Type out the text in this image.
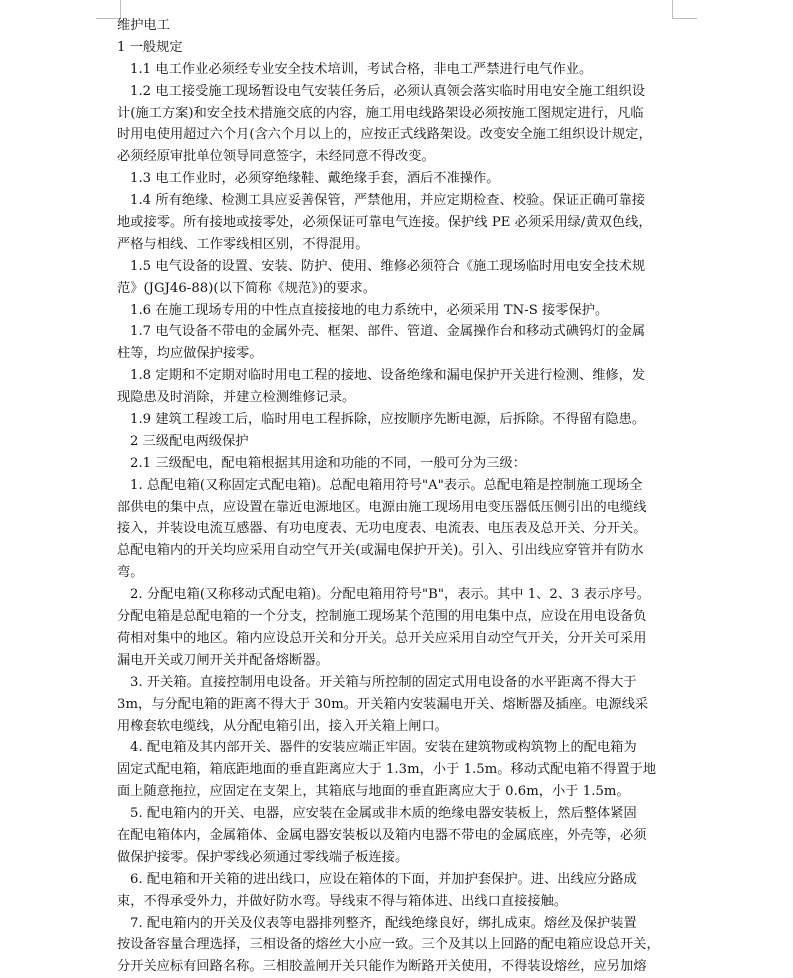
维护电工
1 一般规定
1.1 电工作业必须经专业安全技术培训，考试合格，非电工严禁进行电气作业。
1.2 电工接受施工现场暂设电气安装任务后，必须认真领会落实临时用电安全施工组织设
计(施工方案)和安全技术措施交底的内容，施工用电线路架设必须按施工图规定进行，凡临
时用电使用超过六个月(含六个月以上的，应按正式线路架设。改变安全施工组织设计规定，
必须经原审批单位领导同意签字，未经同意不得改变。
1.3 电工作业时，必须穿绝缘鞋、戴绝缘手套，酒后不准操作。
1.4 所有绝缘、检测工具应妥善保管，严禁他用，并应定期检查、校验。保证正确可靠接
地或接零。所有接地或接零处，必须保证可靠电气连接。保护线 PE 必须采用绿/黄双色线，
严格与相线、工作零线相区别，不得混用。
1.5 电气设备的设置、安装、防护、使用、维修必须符合《施工现场临时用电安全技术规
范》(JGJ46-88)(以下简称《规范》)的要求。
1.6 在施工现场专用的中性点直接接地的电力系统中，必须采用 TN-S 接零保护。
1.7 电气设备不带电的金属外壳、框架、部件、管道、金属操作台和移动式碘钨灯的金属
柱等，均应做保护接零。
1.8 定期和不定期对临时用电工程的接地、设备绝缘和漏电保护开关进行检测、维修，发
现隐患及时消除，并建立检测维修记录。
1.9 建筑工程竣工后，临时用电工程拆除，应按顺序先断电源，后拆除。不得留有隐患。
2 三级配电两级保护
2.1 三级配电，配电箱根据其用途和功能的不同，一般可分为三级：
1. 总配电箱(又称固定式配电箱)。总配电箱用符号"A"表示。总配电箱是控制施工现场全
部供电的集中点，应设置在靠近电源地区。电源由施工现场用电变压器低压侧引出的电缆线
接入，并装设电流互感器、有功电度表、无功电度表、电流表、电压表及总开关、分开关。
总配电箱内的开关均应采用自动空气开关(或漏电保护开关)。引入、引出线应穿管并有防水
弯。
2. 分配电箱(又称移动式配电箱)。分配电箱用符号"B"，表示。其中 1、2、3 表示序号。
分配电箱是总配电箱的一个分支，控制施工现场某个范围的用电集中点，应设在用电设备负
荷相对集中的地区。箱内应设总开关和分开关。总开关应采用自动空气开关，分开关可采用
漏电开关或刀闸开关并配备熔断器。
3. 开关箱。直接控制用电设备。开关箱与所控制的固定式用电设备的水平距离不得大于
3m，与分配电箱的距离不得大于 30m。开关箱内安装漏电开关、熔断器及插座。电源线采
用橡套软电缆线，从分配电箱引出，接入开关箱上闸口。
4. 配电箱及其内部开关、器件的安装应端正牢固。安装在建筑物或构筑物上的配电箱为
固定式配电箱，箱底距地面的垂直距离应大于 1.3m，小于 1.5m。移动式配电箱不得置于地
面上随意拖拉，应固定在支架上，其箱底与地面的垂直距离应大于 0.6m，小于 1.5m。
5. 配电箱内的开关、电器，应安装在金属或非木质的绝缘电器安装板上，然后整体紧固
在配电箱体内，金属箱体、金属电器安装板以及箱内电器不带电的金属底座，外壳等，必须
做保护接零。保护零线必须通过零线端子板连接。
6. 配电箱和开关箱的进出线口，应设在箱体的下面，并加护套保护。进、出线应分路成
束，不得承受外力，并做好防水弯。导线束不得与箱体进、出线口直接接触。
7. 配电箱内的开关及仪表等电器排列整齐，配线绝缘良好，绑扎成束。熔丝及保护装置
按设备容量合理选择，三相设备的熔丝大小应一致。三个及其以上回路的配电箱应设总开关，
分开关应标有回路名称。三相胶盖闸开关只能作为断路开关使用，不得装设熔丝，应另加熔
